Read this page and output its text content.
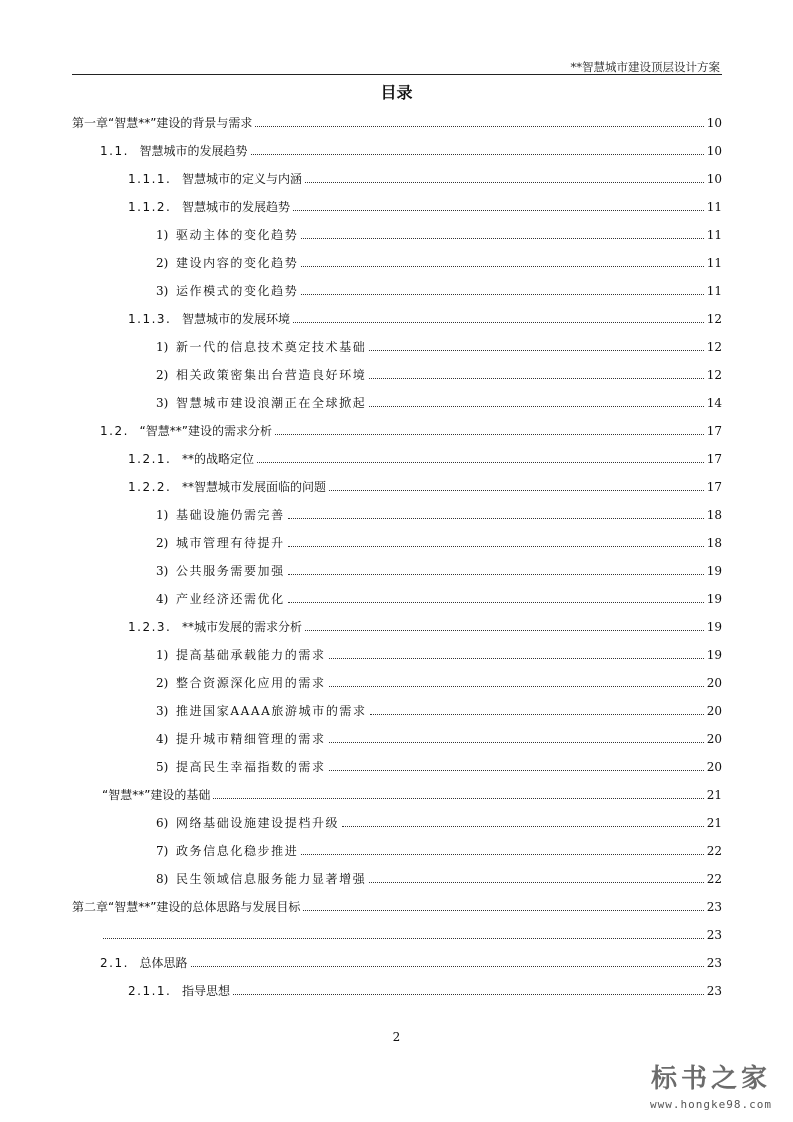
**智慧城市建设顶层设计方案
目录
第一章“智慧**”建设的背景与需求	10
1.1. 智慧城市的发展趋势	10
1.1.1. 智慧城市的定义与内涵	10
1.1.2. 智慧城市的发展趋势	11
1) 驱动主体的变化趋势	11
2) 建设内容的变化趋势	11
3) 运作模式的变化趋势	11
1.1.3. 智慧城市的发展环境	12
1) 新一代的信息技术奠定技术基础	12
2) 相关政策密集出台营造良好环境	12
3) 智慧城市建设浪潮正在全球掀起	14
1.2. “智慧**”建设的需求分析	17
1.2.1. **的战略定位	17
1.2.2. **智慧城市发展面临的问题	17
1) 基础设施仍需完善	18
2) 城市管理有待提升	18
3) 公共服务需要加强	19
4) 产业经济还需优化	19
1.2.3. **城市发展的需求分析	19
1) 提高基础承载能力的需求	19
2) 整合资源深化应用的需求	20
3) 推进国家AAAA旅游城市的需求	20
4) 提升城市精细管理的需求	20
5) 提高民生幸福指数的需求	20
“智慧**”建设的基础	21
6) 网络基础设施建设提档升级	21
7) 政务信息化稳步推进	22
8) 民生领域信息服务能力显著增强	22
第二章“智慧**”建设的总体思路与发展目标	23
23
2.1. 总体思路	23
2.1.1. 指导思想	23
2
标书之家
www.hongke98.com
